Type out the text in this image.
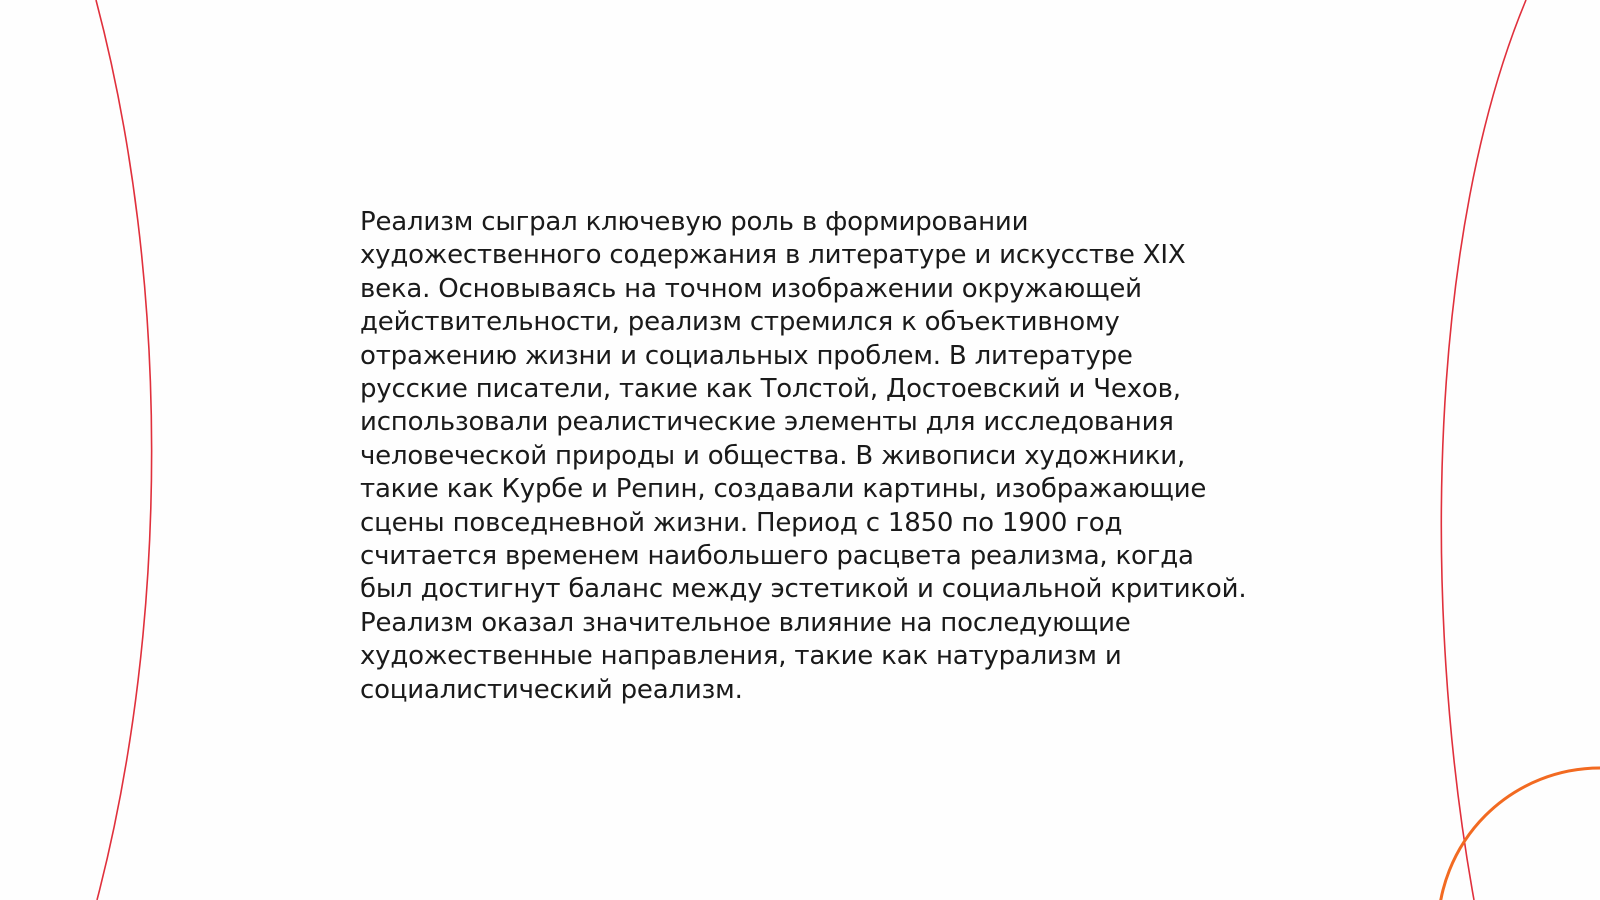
Реализм сыграл ключевую роль в формировании
художественного содержания в литературе и искусстве XIX
века. Основываясь на точном изображении окружающей
действительности, реализм стремился к объективному
отражению жизни и социальных проблем. В литературе
русские писатели, такие как Толстой, Достоевский и Чехов,
использовали реалистические элементы для исследования
человеческой природы и общества. В живописи художники,
такие как Курбе и Репин, создавали картины, изображающие
сцены повседневной жизни. Период с 1850 по 1900 год
считается временем наибольшего расцвета реализма, когда
был достигнут баланс между эстетикой и социальной критикой.
Реализм оказал значительное влияние на последующие
художественные направления, такие как натурализм и
социалистический реализм.
